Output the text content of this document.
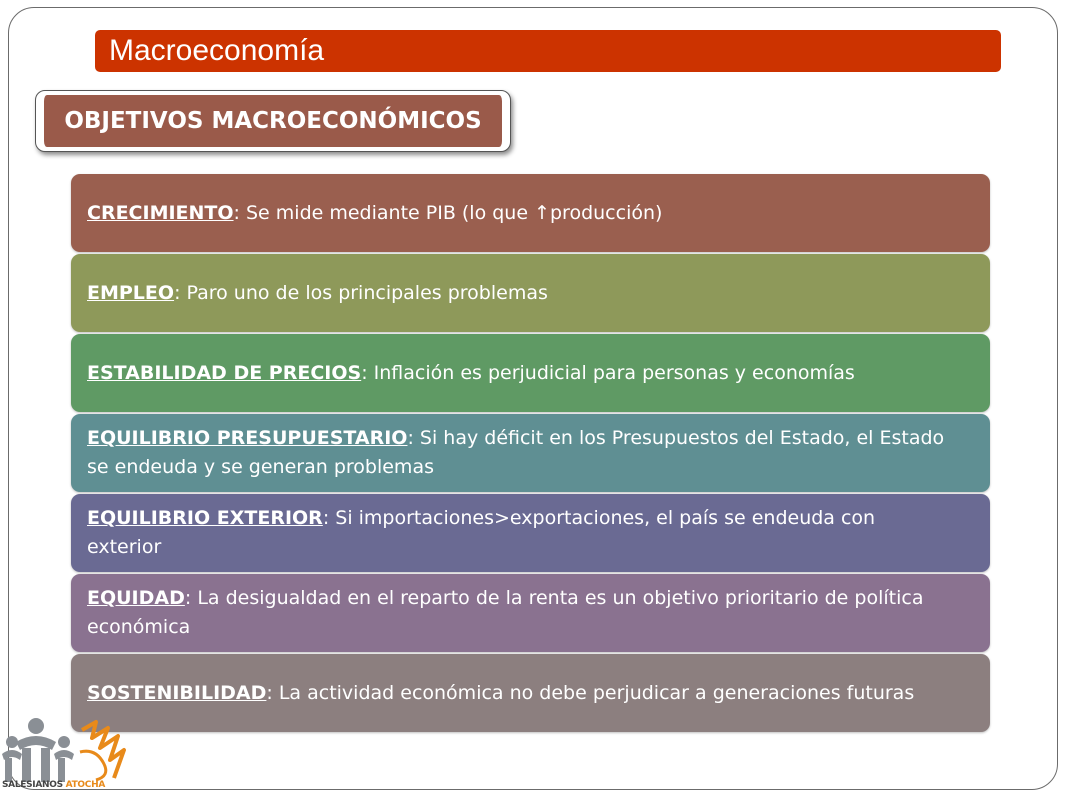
Macroeconomía
OBJETIVOS MACROECONÓMICOS
CRECIMIENTO: Se mide mediante PIB (lo que ↑producción)
EMPLEO: Paro uno de los principales problemas
ESTABILIDAD DE PRECIOS: Inflación es perjudicial para personas y economías
EQUILIBRIO PRESUPUESTARIO: Si hay déficit en los Presupuestos del Estado, el Estado se endeuda y se generan problemas
EQUILIBRIO EXTERIOR: Si importaciones>exportaciones, el país se endeuda con exterior
EQUIDAD: La desigualdad en el reparto de la renta es un objetivo prioritario de política económica
SOSTENIBILIDAD: La actividad económica no debe perjudicar a generaciones futuras
SALESIANOS ATOCHA
